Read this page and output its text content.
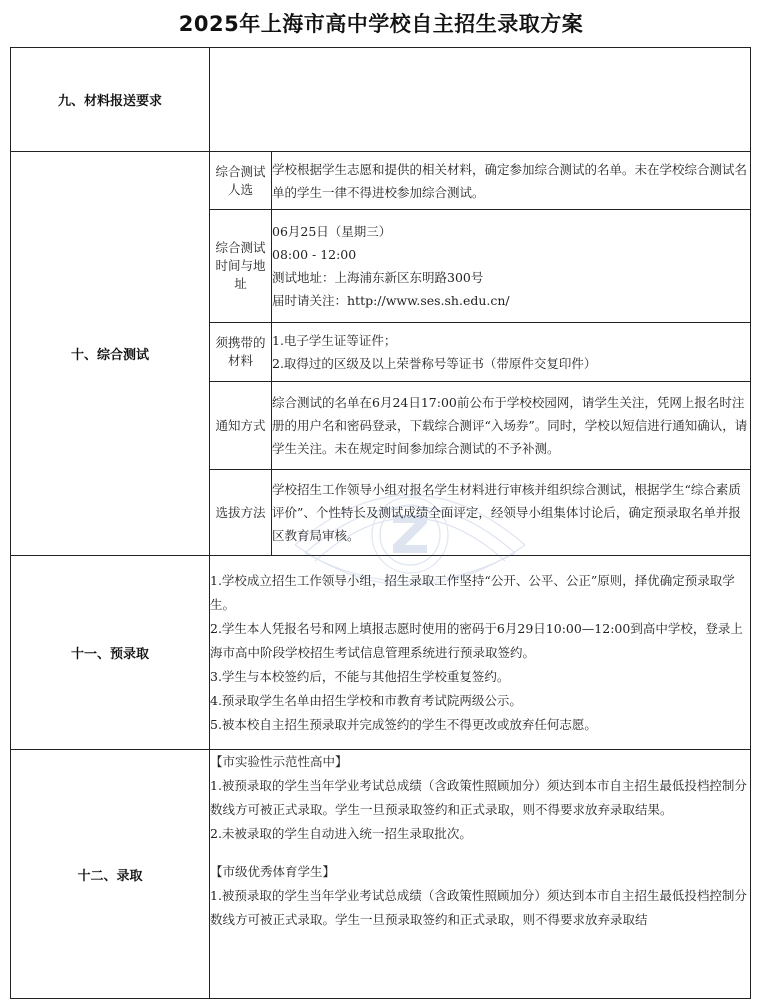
2025年上海市高中学校自主招生录取方案
九、材料报送要求		
十、综合测试	综合测试人选	学校根据学生志愿和提供的相关材料，确定参加综合测试的名单。未在学校综合测试名单的学生一律不得进校参加综合测试。

	综合测试时间与地址	06月25日（星期三）

08:00 - 12:00

测试地址：上海浦东新区东明路300号

届时请关注：http://www.ses.sh.edu.cn/

	须携带的材料	1.电子学生证等证件；

2.取得过的区级及以上荣誉称号等证书（带原件交复印件）

	通知方式	综合测试的名单在6月24日17:00前公布于学校校园网，请学生关注，凭网上报名时注册的用户名和密码登录，下载综合测评“入场券”。同时，学校以短信进行通知确认，请学生关注。未在规定时间参加综合测试的不予补测。

	选拔方法	学校招生工作领导小组对报名学生材料进行审核并组织综合测试，根据学生“综合素质评价”、个性特长及测试成绩全面评定，经领导小组集体讨论后，确定预录取名单并报区教育局审核。

十一、预录取	1.学校成立招生工作领导小组，招生录取工作坚持“公开、公平、公正”原则，择优确定预录取学生。

2.学生本人凭报名号和网上填报志愿时使用的密码于6月29日10:00—12:00到高中学校，登录上海市高中阶段学校招生考试信息管理系统进行预录取签约。

3.学生与本校签约后，不能与其他招生学校重复签约。

4.预录取学生名单由招生学校和市教育考试院两级公示。

5.被本校自主招生预录取并完成签约的学生不得更改或放弃任何志愿。	

十二、录取	【市实验性示范性高中】

1.被预录取的学生当年学业考试总成绩（含政策性照顾加分）须达到本市自主招生最低投档控制分数线方可被正式录取。学生一旦预录取签约和正式录取，则不得要求放弃录取结果。

2.未被录取的学生自动进入统一招生录取批次。

【市级优秀体育学生】

1.被预录取的学生当年学业考试总成绩（含政策性照顾加分）须达到本市自主招生最低投档控制分数线方可被正式录取。学生一旦预录取签约和正式录取，则不得要求放弃录取结	
